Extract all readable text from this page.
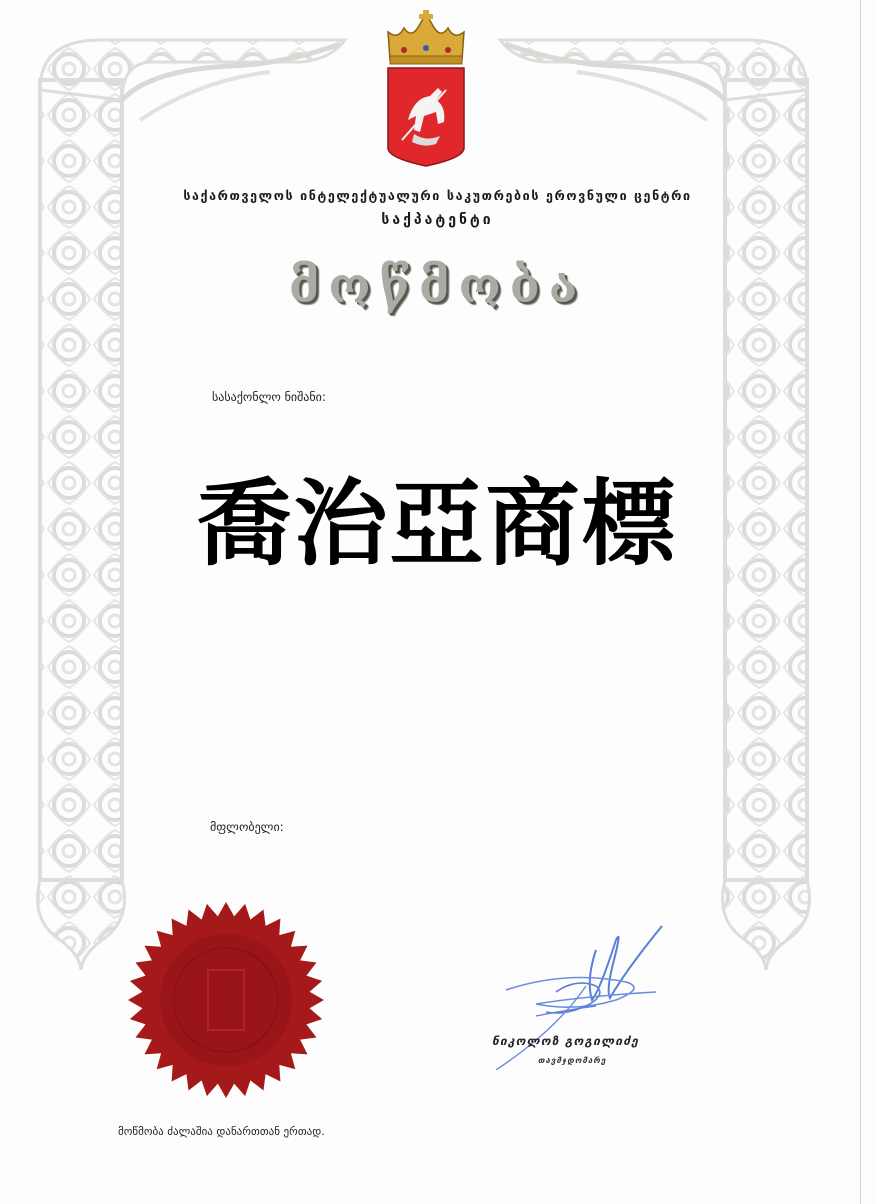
საქართველოს ინტელექტუალური საკუთრების ეროვნული ცენტრი
საქპატენტი
მოწმობა
სასაქონლო ნიშანი:
喬治亞商標
მფლობელი:
ნიკოლოზ გოგილიძე
თავმჯდომარე
მოწმობა ძალაშია დანართთან ერთად.
